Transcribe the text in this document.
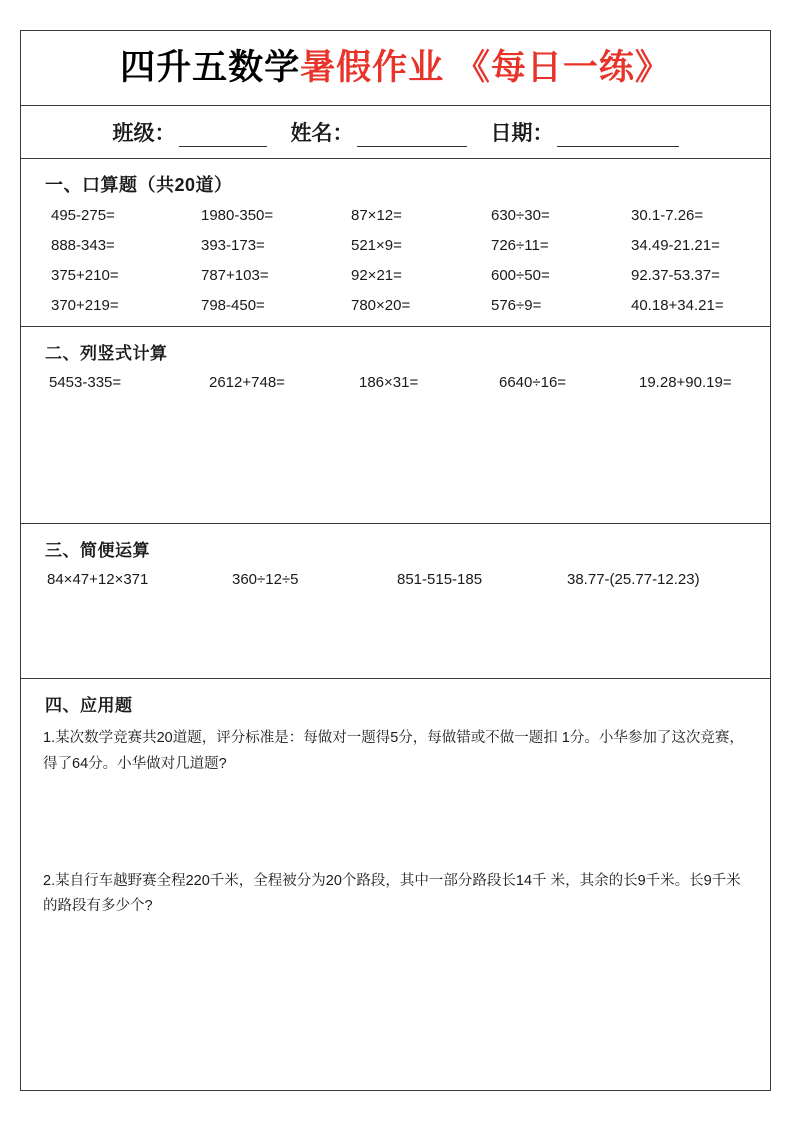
四升五数学暑假作业 《每日一练》
班级：	姓名：	日期：
一、口算题（共20道）
495-275=	1980-350=	87×12=	630÷30=	30.1-7.26=
888-343=	393-173=	521×9=	726÷11=	34.49-21.21=
375+210=	787+103=	92×21=	600÷50=	92.37-53.37=
370+219=	798-450=	780×20=	576÷9=	40.18+34.21=
二、列竖式计算
5453-335=	2612+748=	186×31=	6640÷16=	19.28+90.19=
三、简便运算
84×47+12×371	360÷12÷5	851-515-185	38.77-(25.77-12.23)
四、应用题
1.某次数学竞赛共20道题，评分标准是：每做对一题得5分，每做错或不做一题扣 1分。小华参加了这次竞赛，得了64分。小华做对几道题?
2.某自行车越野赛全程220千米，全程被分为20个路段，其中一部分路段长14千 米，其余的长9千米。长9千米的路段有多少个?
